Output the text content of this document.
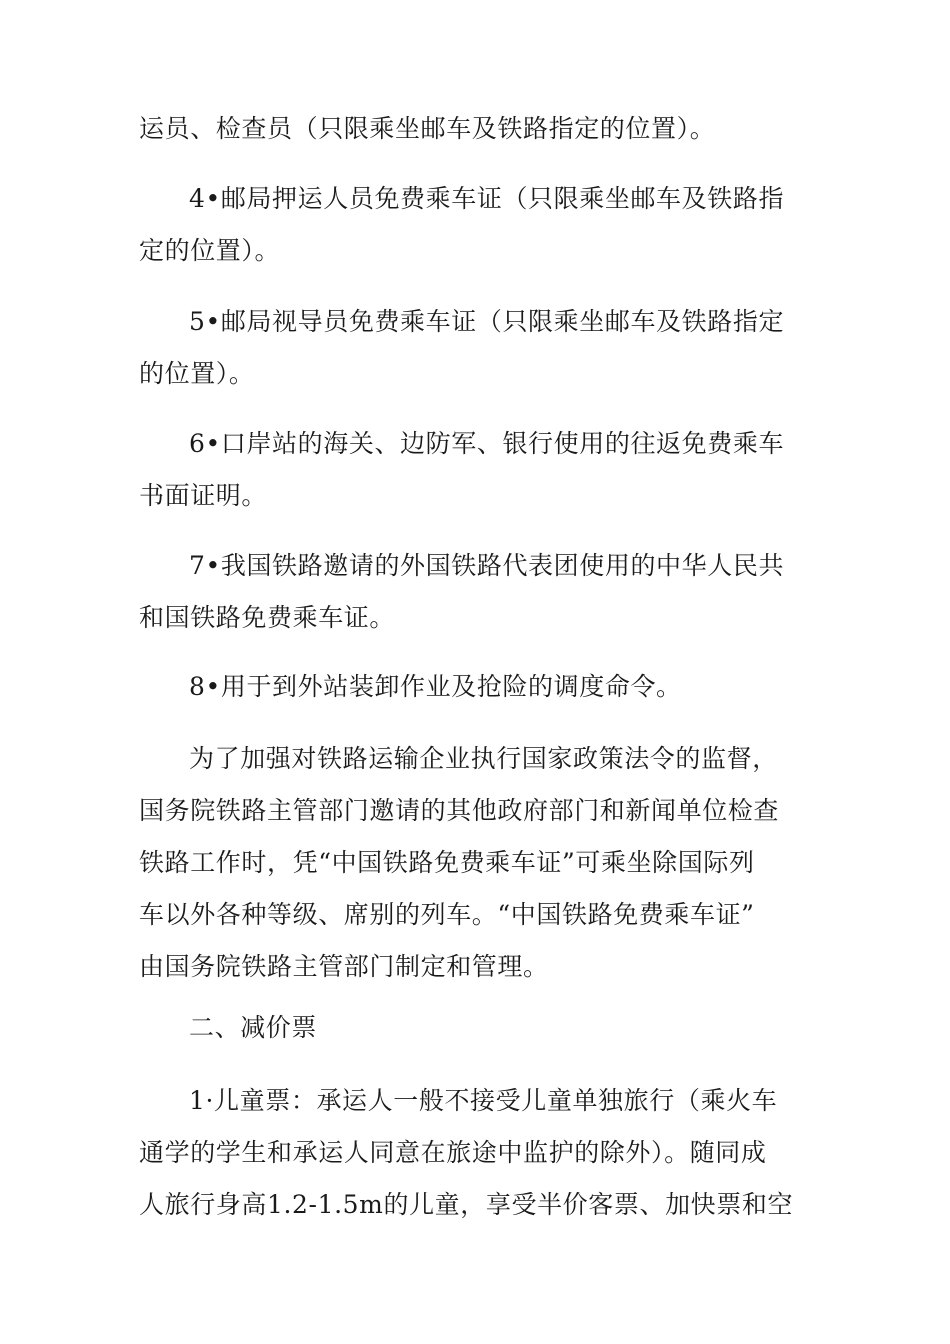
运员、检查员（只限乘坐邮车及铁路指定的位置）。

4•邮局押运人员免费乘车证（只限乘坐邮车及铁路指
定的位置）。

5•邮局视导员免费乘车证（只限乘坐邮车及铁路指定
的位置）。

6•口岸站的海关、边防军、银行使用的往返免费乘车
书面证明。

7•我国铁路邀请的外国铁路代表团使用的中华人民共
和国铁路免费乘车证。

8•用于到外站装卸作业及抢险的调度命令。

为了加强对铁路运输企业执行国家政策法令的监督，
国务院铁路主管部门邀请的其他政府部门和新闻单位检查
铁路工作时，凭“中国铁路免费乘车证”可乘坐除国际列
车以外各种等级、席别的列车。“中国铁路免费乘车证”
由国务院铁路主管部门制定和管理。

二、减价票

1·儿童票：承运人一般不接受儿童单独旅行（乘火车
通学的学生和承运人同意在旅途中监护的除外）。随同成
人旅行身高1.2-1.5m的儿童，享受半价客票、加快票和空
